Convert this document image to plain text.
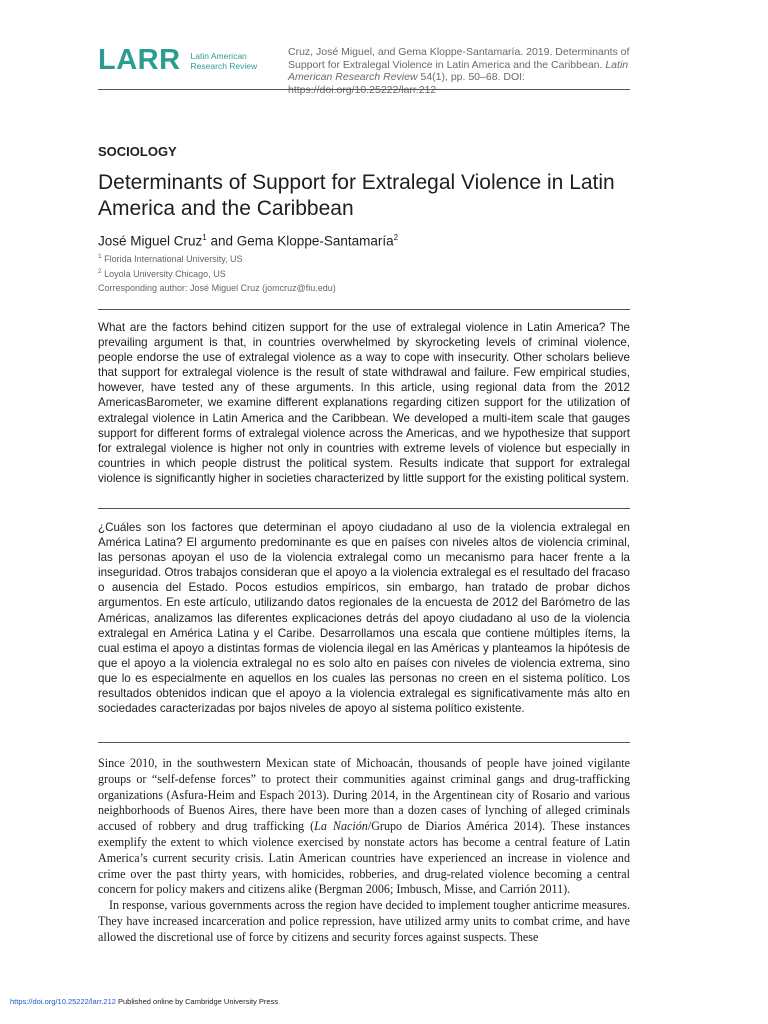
LARR Latin American
Research Review
Cruz, José Miguel, and Gema Kloppe-Santamaría. 2019. Determinants of Support for Extralegal Violence in Latin America and the Caribbean. Latin American Research Review 54(1), pp. 50–68. DOI: https://doi.org/10.25222/larr.212
SOCIOLOGY
Determinants of Support for Extralegal Violence in Latin America and the Caribbean
José Miguel Cruz$^1$ and Gema Kloppe-Santamaría$^2$
$^1$ Florida International University, US
$^2$ Loyola University Chicago, US
Corresponding author: José Miguel Cruz (jomcruz@fiu.edu)

What are the factors behind citizen support for the use of extralegal violence in Latin America? The prevailing argument is that, in countries overwhelmed by skyrocketing levels of criminal violence, people endorse the use of extralegal violence as a way to cope with insecurity. Other scholars believe that support for extralegal violence is the result of state withdrawal and failure. Few empirical studies, however, have tested any of these arguments. In this article, using regional data from the 2012 AmericasBarometer, we examine different explanations regarding citizen support for the utilization of extralegal violence in Latin America and the Caribbean. We developed a multi-item scale that gauges support for different forms of extralegal violence across the Americas, and we hypothesize that support for extralegal violence is higher not only in countries with extreme levels of violence but especially in countries in which people distrust the political system. Results indicate that support for extralegal violence is significantly higher in societies characterized by little support for the existing political system.

¿Cuáles son los factores que determinan el apoyo ciudadano al uso de la violencia extralegal en América Latina? El argumento predominante es que en países con niveles altos de violencia criminal, las personas apoyan el uso de la violencia extralegal como un mecanismo para hacer frente a la inseguridad. Otros trabajos consideran que el apoyo a la violencia extralegal es el resultado del fracaso o ausencia del Estado. Pocos estudios empíricos, sin embargo, han tratado de probar dichos argumentos. En este artículo, utilizando datos regionales de la encuesta de 2012 del Barómetro de las Américas, analizamos las diferentes explicaciones detrás del apoyo ciudadano al uso de la violencia extralegal en América Latina y el Caribe. Desarrollamos una escala que contiene múltiples ítems, la cual estima el apoyo a distintas formas de violencia ilegal en las Américas y planteamos la hipótesis de que el apoyo a la violencia extralegal no es solo alto en países con niveles de violencia extrema, sino que lo es especialmente en aquellos en los cuales las personas no creen en el sistema político. Los resultados obtenidos indican que el apoyo a la violencia extralegal es significativamente más alto en sociedades caracterizadas por bajos niveles de apoyo al sistema político existente.

Since 2010, in the southwestern Mexican state of Michoacán, thousands of people have joined vigilante groups or “self-defense forces” to protect their communities against criminal gangs and drug-trafficking organizations (Asfura-Heim and Espach 2013). During 2014, in the Argentinean city of Rosario and various neighborhoods of Buenos Aires, there have been more than a dozen cases of lynching of alleged criminals accused of robbery and drug trafficking (La Nación/Grupo de Diarios América 2014). These instances exemplify the extent to which violence exercised by nonstate actors has become a central feature of Latin America’s current security crisis. Latin American countries have experienced an increase in violence and crime over the past thirty years, with homicides, robberies, and drug-related violence becoming a central concern for policy makers and citizens alike (Bergman 2006; Imbusch, Misse, and Carrión 2011).

In response, various governments across the region have decided to implement tougher anticrime measures. They have increased incarceration and police repression, have utilized army units to combat crime, and have allowed the discretional use of force by citizens and security forces against suspects. These

https://doi.org/10.25222/larr.212 Published online by Cambridge University Press
